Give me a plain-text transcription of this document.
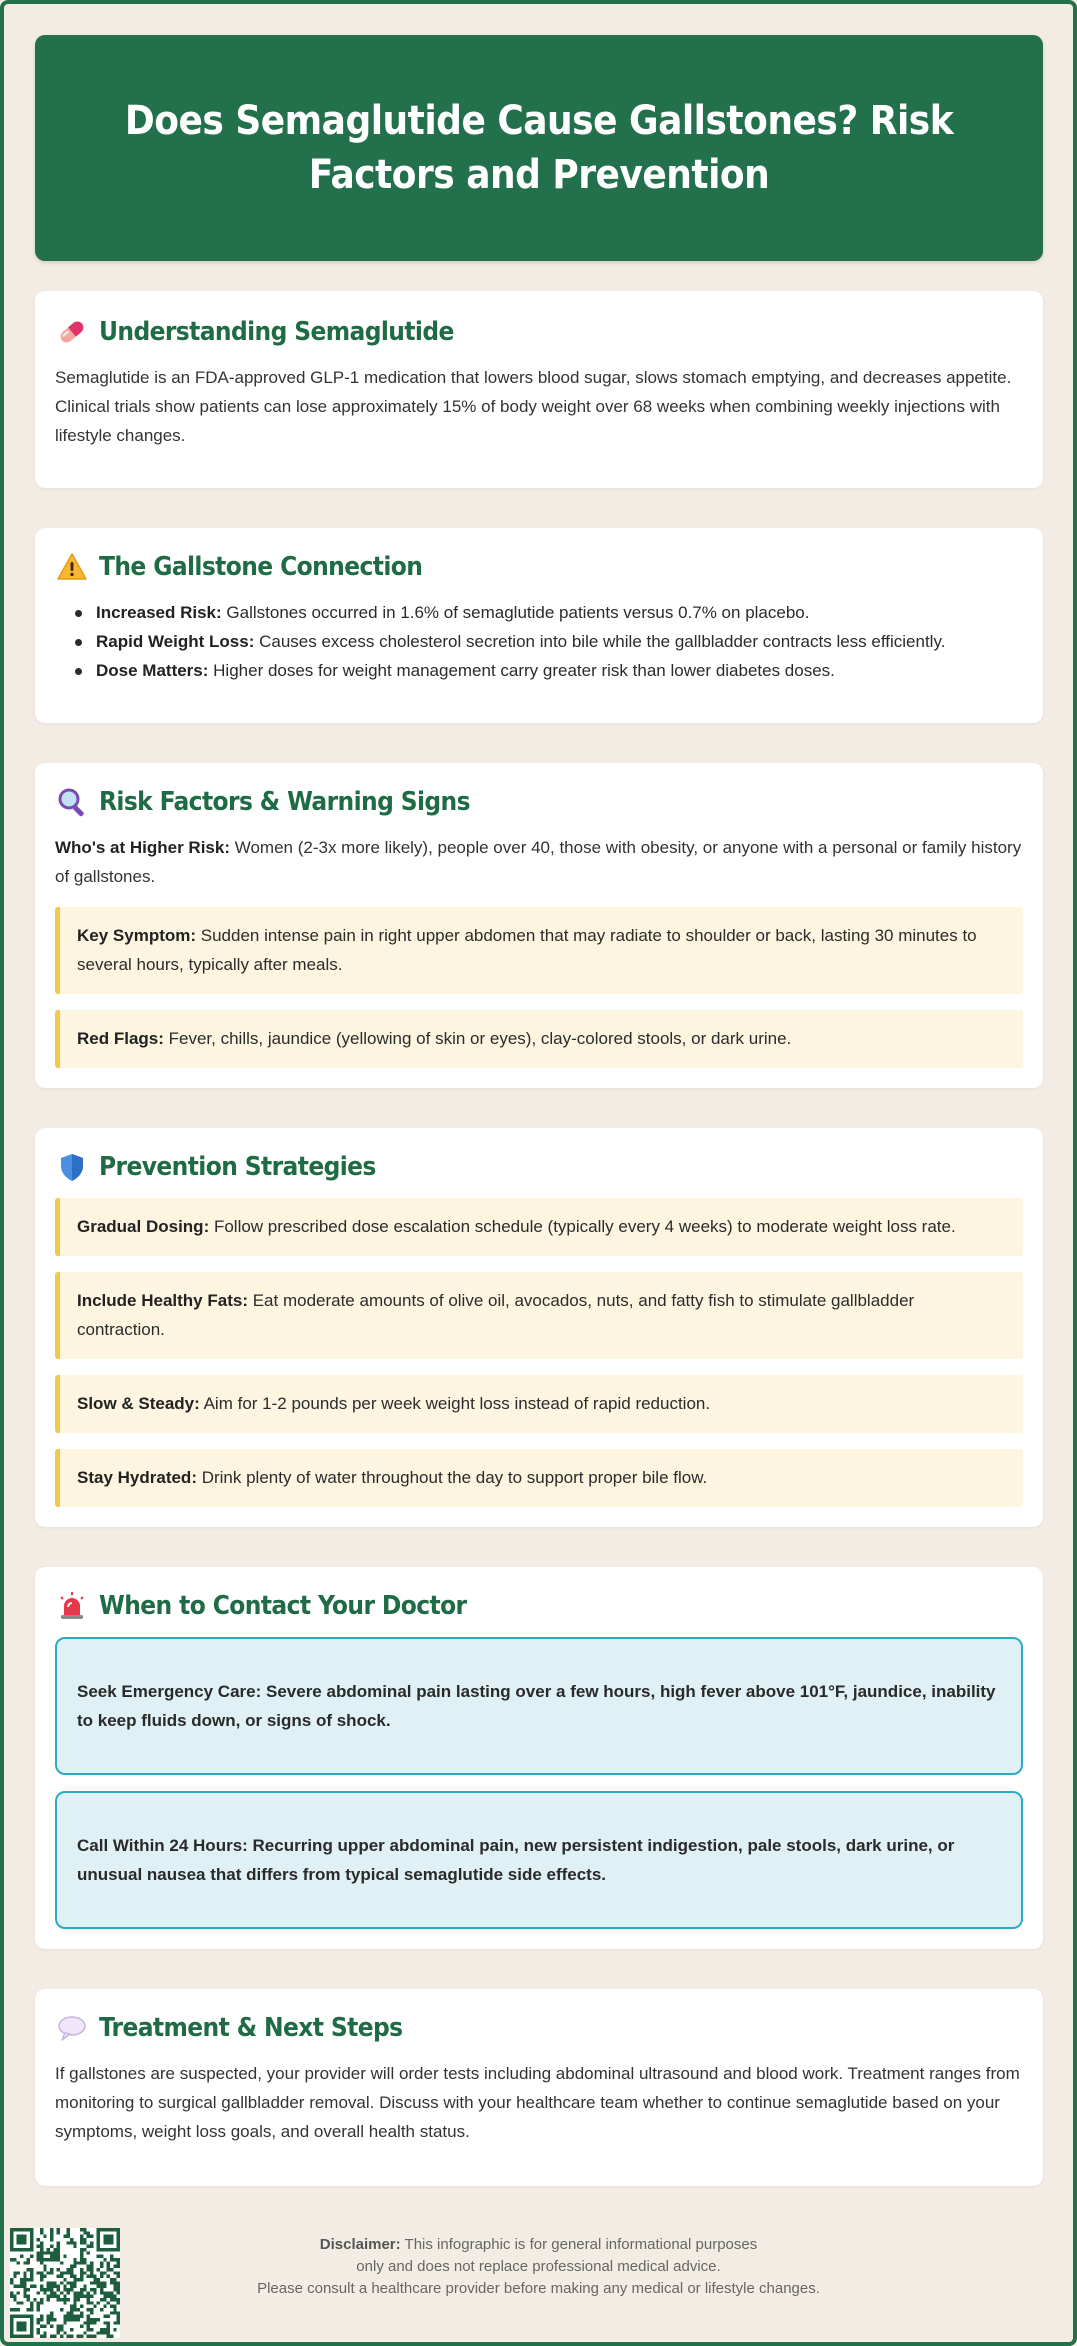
Does Semaglutide Cause Gallstones? Risk Factors and Prevention
Understanding Semaglutide

Semaglutide is an FDA-approved GLP-1 medication that lowers blood sugar, slows stomach emptying, and decreases appetite. Clinical trials show patients can lose approximately 15% of body weight over 68 weeks when combining weekly injections with lifestyle changes.

The Gallstone Connection
Increased Risk: Gallstones occurred in 1.6% of semaglutide patients versus 0.7% on placebo.
Rapid Weight Loss: Causes excess cholesterol secretion into bile while the gallbladder contracts less efficiently.
Dose Matters: Higher doses for weight management carry greater risk than lower diabetes doses.
Risk Factors & Warning Signs

Who's at Higher Risk: Women (2-3x more likely), people over 40, those with obesity, or anyone with a personal or family history of gallstones.

Key Symptom: Sudden intense pain in right upper abdomen that may radiate to shoulder or back, lasting 30 minutes to several hours, typically after meals.
Red Flags: Fever, chills, jaundice (yellowing of skin or eyes), clay-colored stools, or dark urine.
Prevention Strategies
Gradual Dosing: Follow prescribed dose escalation schedule (typically every 4 weeks) to moderate weight loss rate.
Include Healthy Fats: Eat moderate amounts of olive oil, avocados, nuts, and fatty fish to stimulate gallbladder contraction.
Slow & Steady: Aim for 1-2 pounds per week weight loss instead of rapid reduction.
Stay Hydrated: Drink plenty of water throughout the day to support proper bile flow.
When to Contact Your Doctor
Seek Emergency Care: Severe abdominal pain lasting over a few hours, high fever above 101°F, jaundice, inability to keep fluids down, or signs of shock.
Call Within 24 Hours: Recurring upper abdominal pain, new persistent indigestion, pale stools, dark urine, or unusual nausea that differs from typical semaglutide side effects.
Treatment & Next Steps

If gallstones are suspected, your provider will order tests including abdominal ultrasound and blood work. Treatment ranges from monitoring to surgical gallbladder removal. Discuss with your healthcare team whether to continue semaglutide based on your symptoms, weight loss goals, and overall health status.

Disclaimer: This infographic is for general informational purposes
only and does not replace professional medical advice.
Please consult a healthcare provider before making any medical or lifestyle changes.
